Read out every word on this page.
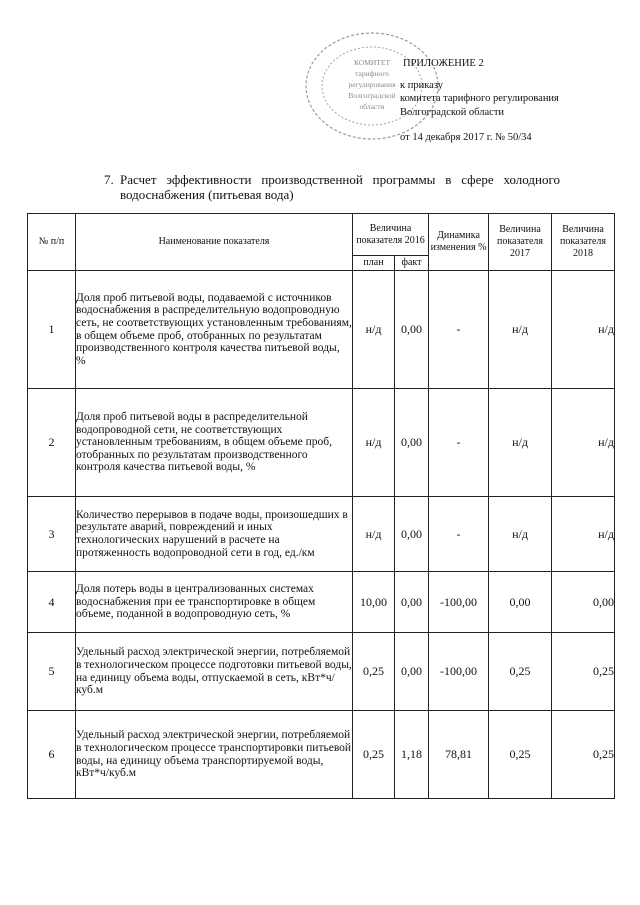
КОМИТЕТ
тарифного
регулирования
Волгоградской
области
ПРИЛОЖЕНИЕ 2
к приказу
комитета тарифного регулирования
Волгоградской области
от 14 декабря 2017 г. № 50/34
7. Расчет эффективности производственной программы в сфере холодного водоснабжения (питьевая вода)
№ п/п	Наименование показателя	Величина показателя 2016		Динамика изменения %	Величина показателя 2017	Величина показателя 2018
		план	факт			
1	Доля проб питьевой воды, подаваемой с источников водоснабжения в распределительную водопроводную сеть, не соответствующих установленным требованиям, в общем объеме проб, отобранных по результатам производственного контроля качества питьевой воды, %	н/д	0,00	-	н/д	н/д
2	Доля проб питьевой воды в распределительной водопроводной сети, не соответствующих установленным требованиям, в общем объеме проб, отобранных по результатам производственного контроля качества питьевой воды, %	н/д	0,00	-	н/д	н/д
3	Количество перерывов в подаче воды, произошедших в результате аварий, повреждений и иных технологических нарушений в расчете на протяженность водопроводной сети в год, ед./км	н/д	0,00	-	н/д	н/д
4	Доля потерь воды в централизованных системах водоснабжения при ее транспортировке в общем объеме, поданной в водопроводную сеть, %	10,00	0,00	-100,00	0,00	0,00
5	Удельный расход электрической энергии, потребляемой в технологическом процессе подготовки питьевой воды, на единицу объема воды, отпускаемой в сеть, кВт*ч/куб.м	0,25	0,00	-100,00	0,25	0,25
6	Удельный расход электрической энергии, потребляемой в технологическом процессе транспортировки питьевой воды, на единицу объема транспортируемой воды, кВт*ч/куб.м	0,25	1,18	78,81	0,25	0,25
